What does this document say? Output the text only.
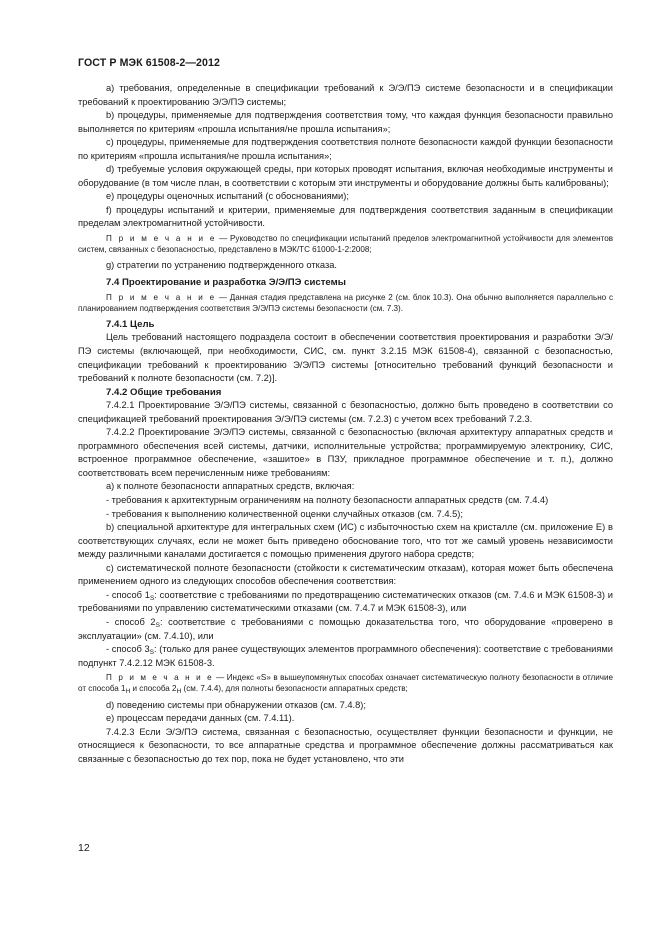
ГОСТ Р МЭК 61508-2—2012

a) требования, определенные в спецификации требований к Э/Э/ПЭ системе безопасности и в спецификации требований к проектированию Э/Э/ПЭ системы;

b) процедуры, применяемые для подтверждения соответствия тому, что каждая функция безопасности правильно выполняется по критериям «прошла испытания/не прошла испытания»;

c) процедуры, применяемые для подтверждения соответствия полноте безопасности каждой функции безопасности по критериям «прошла испытания/не прошла испытания»;

d) требуемые условия окружающей среды, при которых проводят испытания, включая необходимые инструменты и оборудование (в том числе план, в соответствии с которым эти инструменты и оборудование должны быть калиброваны);

e) процедуры оценочных испытаний (с обоснованиями);

f) процедуры испытаний и критерии, применяемые для подтверждения соответствия заданным в спецификации пределам электромагнитной устойчивости.

П р и м е ч а н и е — Руководство по спецификации испытаний пределов электромагнитной устойчивости для элементов систем, связанных с безопасностью, представлено в МЭК/ТС 61000-1-2:2008;

g) стратегии по устранению подтвержденного отказа.

7.4 Проектирование и разработка Э/Э/ПЭ системы

П р и м е ч а н и е — Данная стадия представлена на рисунке 2 (см. блок 10.3). Она обычно выполняется параллельно с планированием подтверждения соответствия Э/Э/ПЭ системы безопасности (см. 7.3).

7.4.1 Цель

Цель требований настоящего подраздела состоит в обеспечении соответствия проектирования и разработки Э/Э/ПЭ системы (включающей, при необходимости, СИС, см. пункт 3.2.15 МЭК 61508-4), связанной с безопасностью, спецификации требований к проектированию Э/Э/ПЭ системы [относительно требований функций безопасности и требований к полноте безопасности (см. 7.2)].

7.4.2 Общие требования

7.4.2.1 Проектирование Э/Э/ПЭ системы, связанной с безопасностью, должно быть проведено в соответствии со спецификацией требований проектирования Э/Э/ПЭ системы (см. 7.2.3) с учетом всех требований 7.2.3.

7.4.2.2 Проектирование Э/Э/ПЭ системы, связанной с безопасностью (включая архитектуру аппаратных средств и программного обеспечения всей системы, датчики, исполнительные устройства; программируемую электронику, СИС, встроенное программное обеспечение, «зашитое» в ПЗУ, прикладное программное обеспечение и т. п.), должно соответствовать всем перечисленным ниже требованиям:

a) к полноте безопасности аппаратных средств, включая:

- требования к архитектурным ограничениям на полноту безопасности аппаратных средств (см. 7.4.4)

- требования к выполнению количественной оценки случайных отказов (см. 7.4.5);

b) специальной архитектуре для интегральных схем (ИС) с избыточностью схем на кристалле (см. приложение Е) в соответствующих случаях, если не может быть приведено обоснование того, что тот же самый уровень независимости между различными каналами достигается с помощью применения другого набора средств;

c) систематической полноте безопасности (стойкости к систематическим отказам), которая может быть обеспечена применением одного из следующих способов обеспечения соответствия:

- способ $1_S$: соответствие с требованиями по предотвращению систематических отказов (см. 7.4.6 и МЭК 61508-3) и требованиями по управлению систематическими отказами (см. 7.4.7 и МЭК 61508-3), или

- способ $2_S$: соответствие с требованиями с помощью доказательства того, что оборудование «проверено в эксплуатации» (см. 7.4.10), или

- способ $3_S$: (только для ранее существующих элементов программного обеспечения): соответствие с требованиями подпункт 7.4.2.12 МЭК 61508-3.

П р и м е ч а н и е — Индекс «S» в вышеупомянутых способах означает систематическую полноту безопасности в отличие от способа $1_H$ и способа $2_H$ (см. 7.4.4), для полноты безопасности аппаратных средств;

d) поведению системы при обнаружении отказов (см. 7.4.8);

e) процессам передачи данных (см. 7.4.11).

7.4.2.3 Если Э/Э/ПЭ система, связанная с безопасностью, осуществляет функции безопасности и функции, не относящиеся к безопасности, то все аппаратные средства и программное обеспечение должны рассматриваться как связанные с безопасностью до тех пор, пока не будет установлено, что эти

12
